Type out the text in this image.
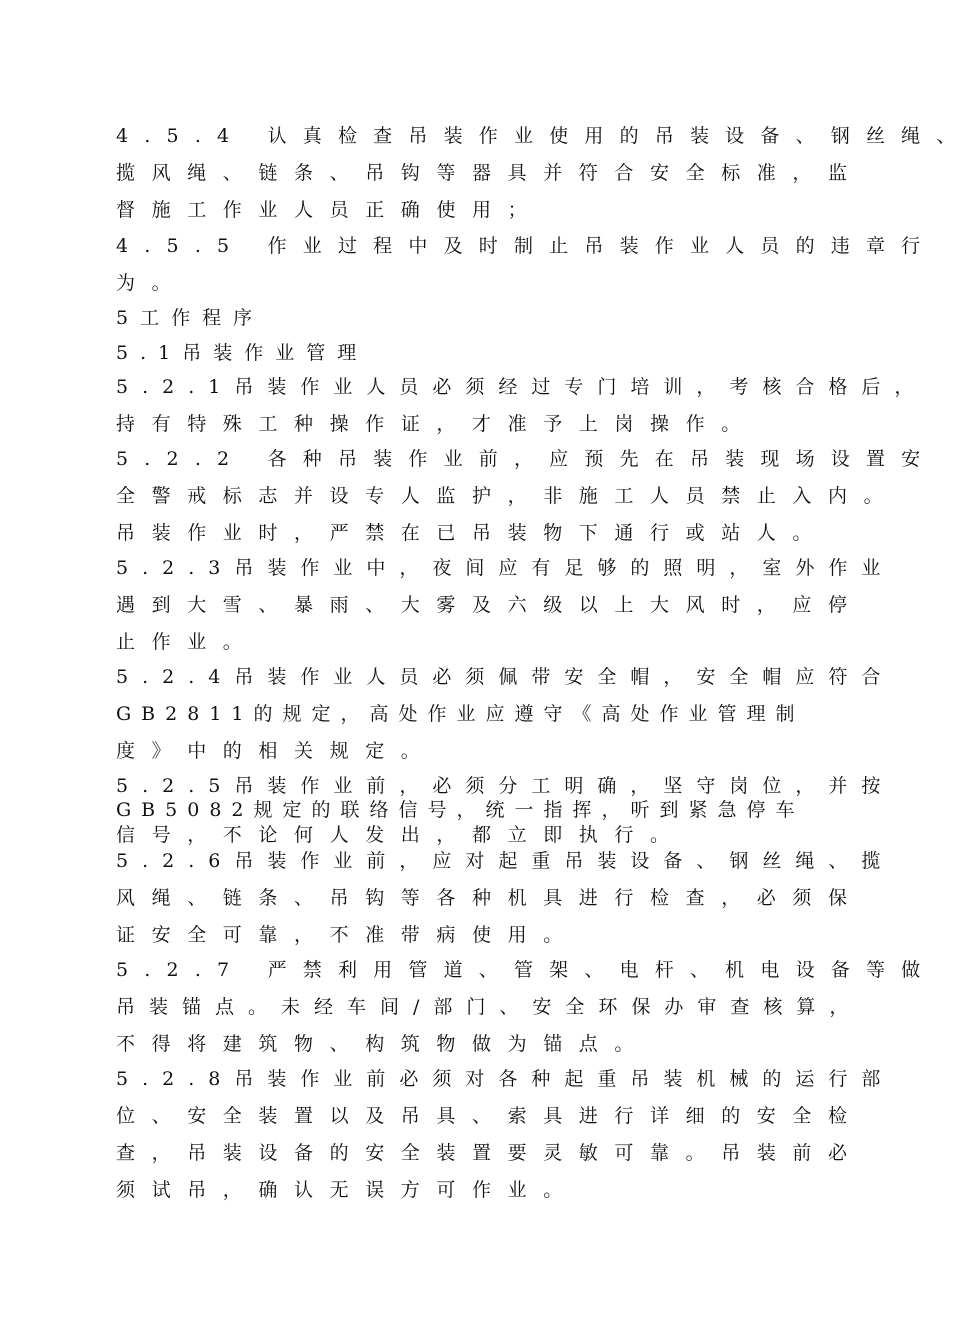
4.5.4 认真检查吊装作业使用的吊装设备、钢丝绳、
揽风绳、链条、吊钩等器具并符合安全标准，监
督施工作业人员正确使用；
4.5.5 作业过程中及时制止吊装作业人员的违章行
为。
5工作程序
5.1吊装作业管理
5.2.1吊装作业人员必须经过专门培训，考核合格后，
持有特殊工种操作证，才准予上岗操作。
5.2.2 各种吊装作业前，应预先在吊装现场设置安
全警戒标志并设专人监护，非施工人员禁止入内。
吊装作业时，严禁在已吊装物下通行或站人。
5.2.3吊装作业中，夜间应有足够的照明，室外作业
遇到大雪、暴雨、大雾及六级以上大风时，应停
止作业。
5.2.4吊装作业人员必须佩带安全帽，安全帽应符合
GB2811的规定，高处作业应遵守《高处作业管理制
度》中的相关规定。
5.2.5吊装作业前，必须分工明确，坚守岗位，并按
GB5082规定的联络信号，统一指挥，听到紧急停车
信号，不论何人发出，都立即执行。
5.2.6吊装作业前，应对起重吊装设备、钢丝绳、揽
风绳、链条、吊钩等各种机具进行检查，必须保
证安全可靠，不准带病使用。
5.2.7 严禁利用管道、管架、电杆、机电设备等做
吊装锚点。未经车间/部门、安全环保办审查核算，
不得将建筑物、构筑物做为锚点。
5.2.8吊装作业前必须对各种起重吊装机械的运行部
位、安全装置以及吊具、索具进行详细的安全检
查，吊装设备的安全装置要灵敏可靠。吊装前必
须试吊，确认无误方可作业。
